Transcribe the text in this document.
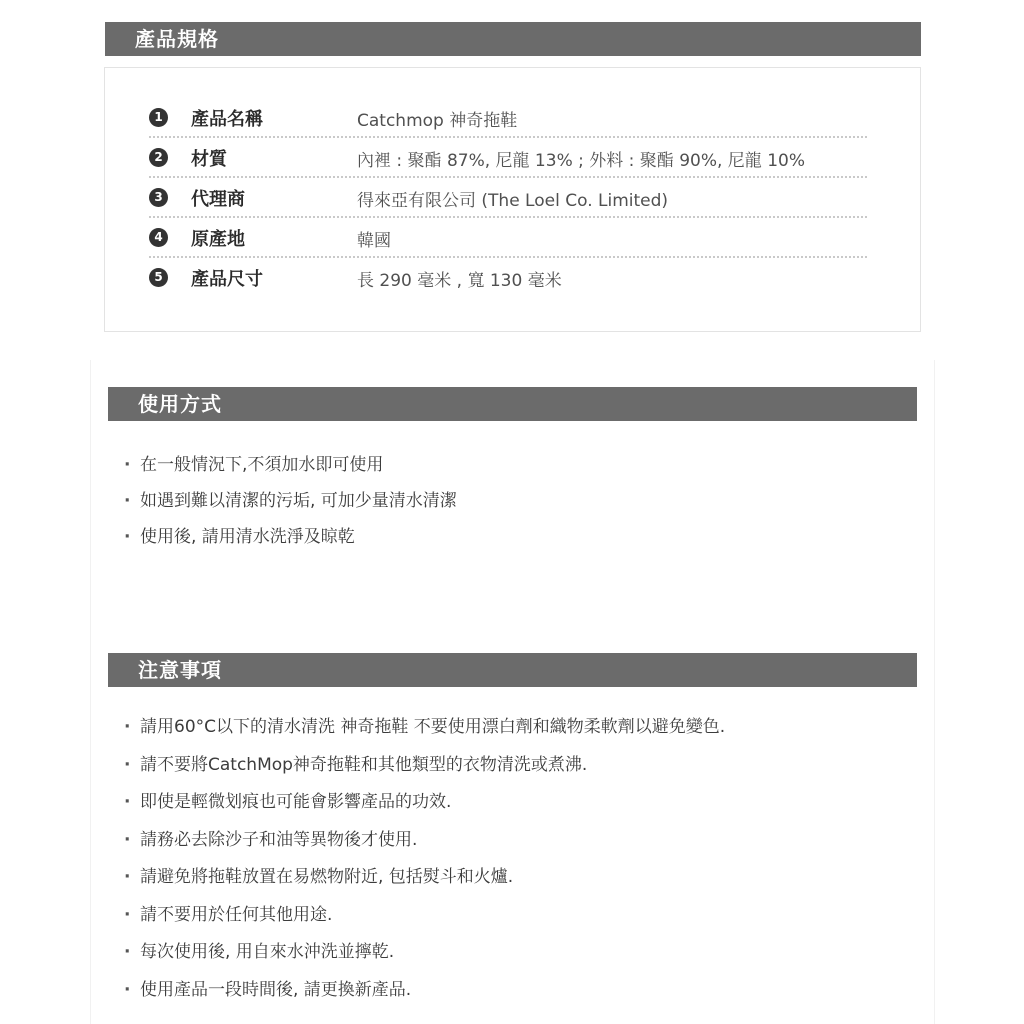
產品規格
1 產品名稱	Catchmop 神奇拖鞋
2 材質	內裡 : 聚酯 87%, 尼龍 13% ; 外料 : 聚酯 90%, 尼龍 10%
3 代理商	得來亞有限公司 (The Loel Co. Limited)
4 原產地	韓國
5 產品尺寸	長 290 毫米 , 寬 130 毫米
使用方式
· 在一般情況下,不須加水即可使用
· 如遇到難以清潔的污垢, 可加少量清水清潔
· 使用後, 請用清水洗淨及晾乾
注意事項
· 請用60°C以下的清水清洗 神奇拖鞋 不要使用漂白劑和織物柔軟劑以避免變色.
· 請不要將CatchMop神奇拖鞋和其他類型的衣物清洗或煮沸.
· 即使是輕微划痕也可能會影響產品的功效.
· 請務必去除沙子和油等異物後才使用.
· 請避免將拖鞋放置在易燃物附近, 包括熨斗和火爐.
· 請不要用於任何其他用途.
· 每次使用後, 用自來水沖洗並擰乾.
· 使用產品一段時間後, 請更換新產品.
